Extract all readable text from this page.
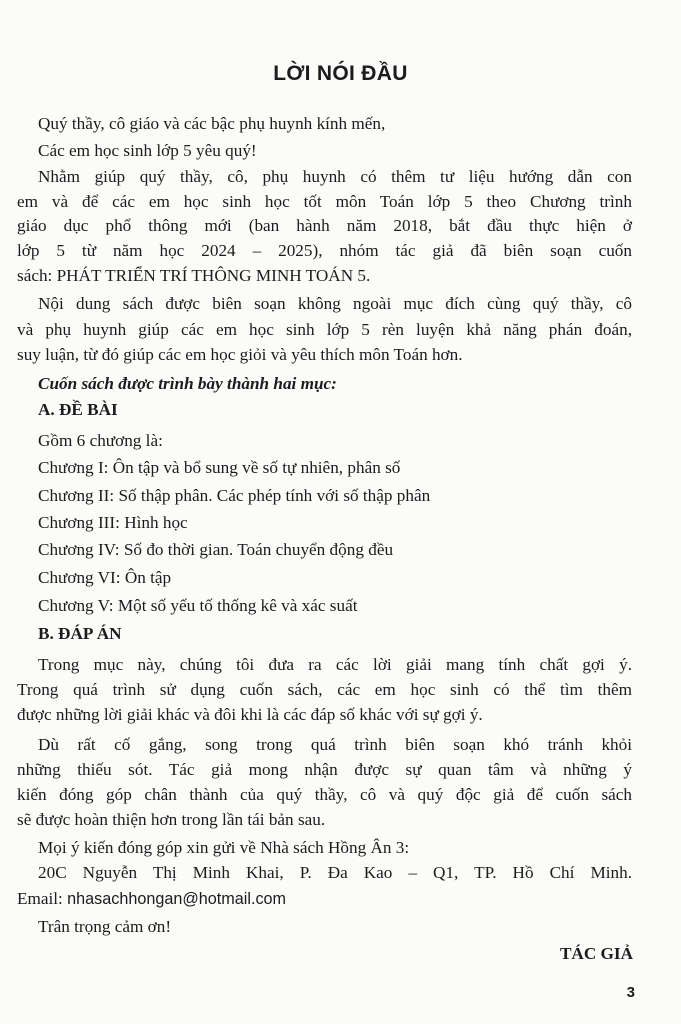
LỜI NÓI ĐẦU
Quý thầy, cô giáo và các bậc phụ huynh kính mến,
Các em học sinh lớp 5 yêu quý!
Nhằm giúp quý thầy, cô, phụ huynh có thêm tư liệu hướng dẫn con
em và để các em học sinh học tốt môn Toán lớp 5 theo Chương trình
giáo dục phổ thông mới (ban hành năm 2018, bắt đầu thực hiện ở
lớp 5 từ năm học 2024 – 2025), nhóm tác giả đã biên soạn cuốn
sách: PHÁT TRIỂN TRÍ THÔNG MINH TOÁN 5.
Nội dung sách được biên soạn không ngoài mục đích cùng quý thầy, cô
và phụ huynh giúp các em học sinh lớp 5 rèn luyện khả năng phán đoán,
suy luận, từ đó giúp các em học giỏi và yêu thích môn Toán hơn.
Cuốn sách được trình bày thành hai mục:
A. ĐỀ BÀI
Gồm 6 chương là:
Chương I: Ôn tập và bổ sung về số tự nhiên, phân số
Chương II: Số thập phân. Các phép tính với số thập phân
Chương III: Hình học
Chương IV: Số đo thời gian. Toán chuyển động đều
Chương VI: Ôn tập
Chương V: Một số yếu tố thống kê và xác suất
B. ĐÁP ÁN
Trong mục này, chúng tôi đưa ra các lời giải mang tính chất gợi ý.
Trong quá trình sử dụng cuốn sách, các em học sinh có thể tìm thêm
được những lời giải khác và đôi khi là các đáp số khác với sự gợi ý.
Dù rất cố gắng, song trong quá trình biên soạn khó tránh khỏi
những thiếu sót. Tác giả mong nhận được sự quan tâm và những ý
kiến đóng góp chân thành của quý thầy, cô và quý độc giả để cuốn sách
sẽ được hoàn thiện hơn trong lần tái bản sau.
Mọi ý kiến đóng góp xin gửi về Nhà sách Hồng Ân 3:
20C Nguyễn Thị Minh Khai, P. Đa Kao – Q1, TP. Hồ Chí Minh.
Email: nhasachhongan@hotmail.com
Trân trọng cảm ơn!
TÁC GIẢ
3
